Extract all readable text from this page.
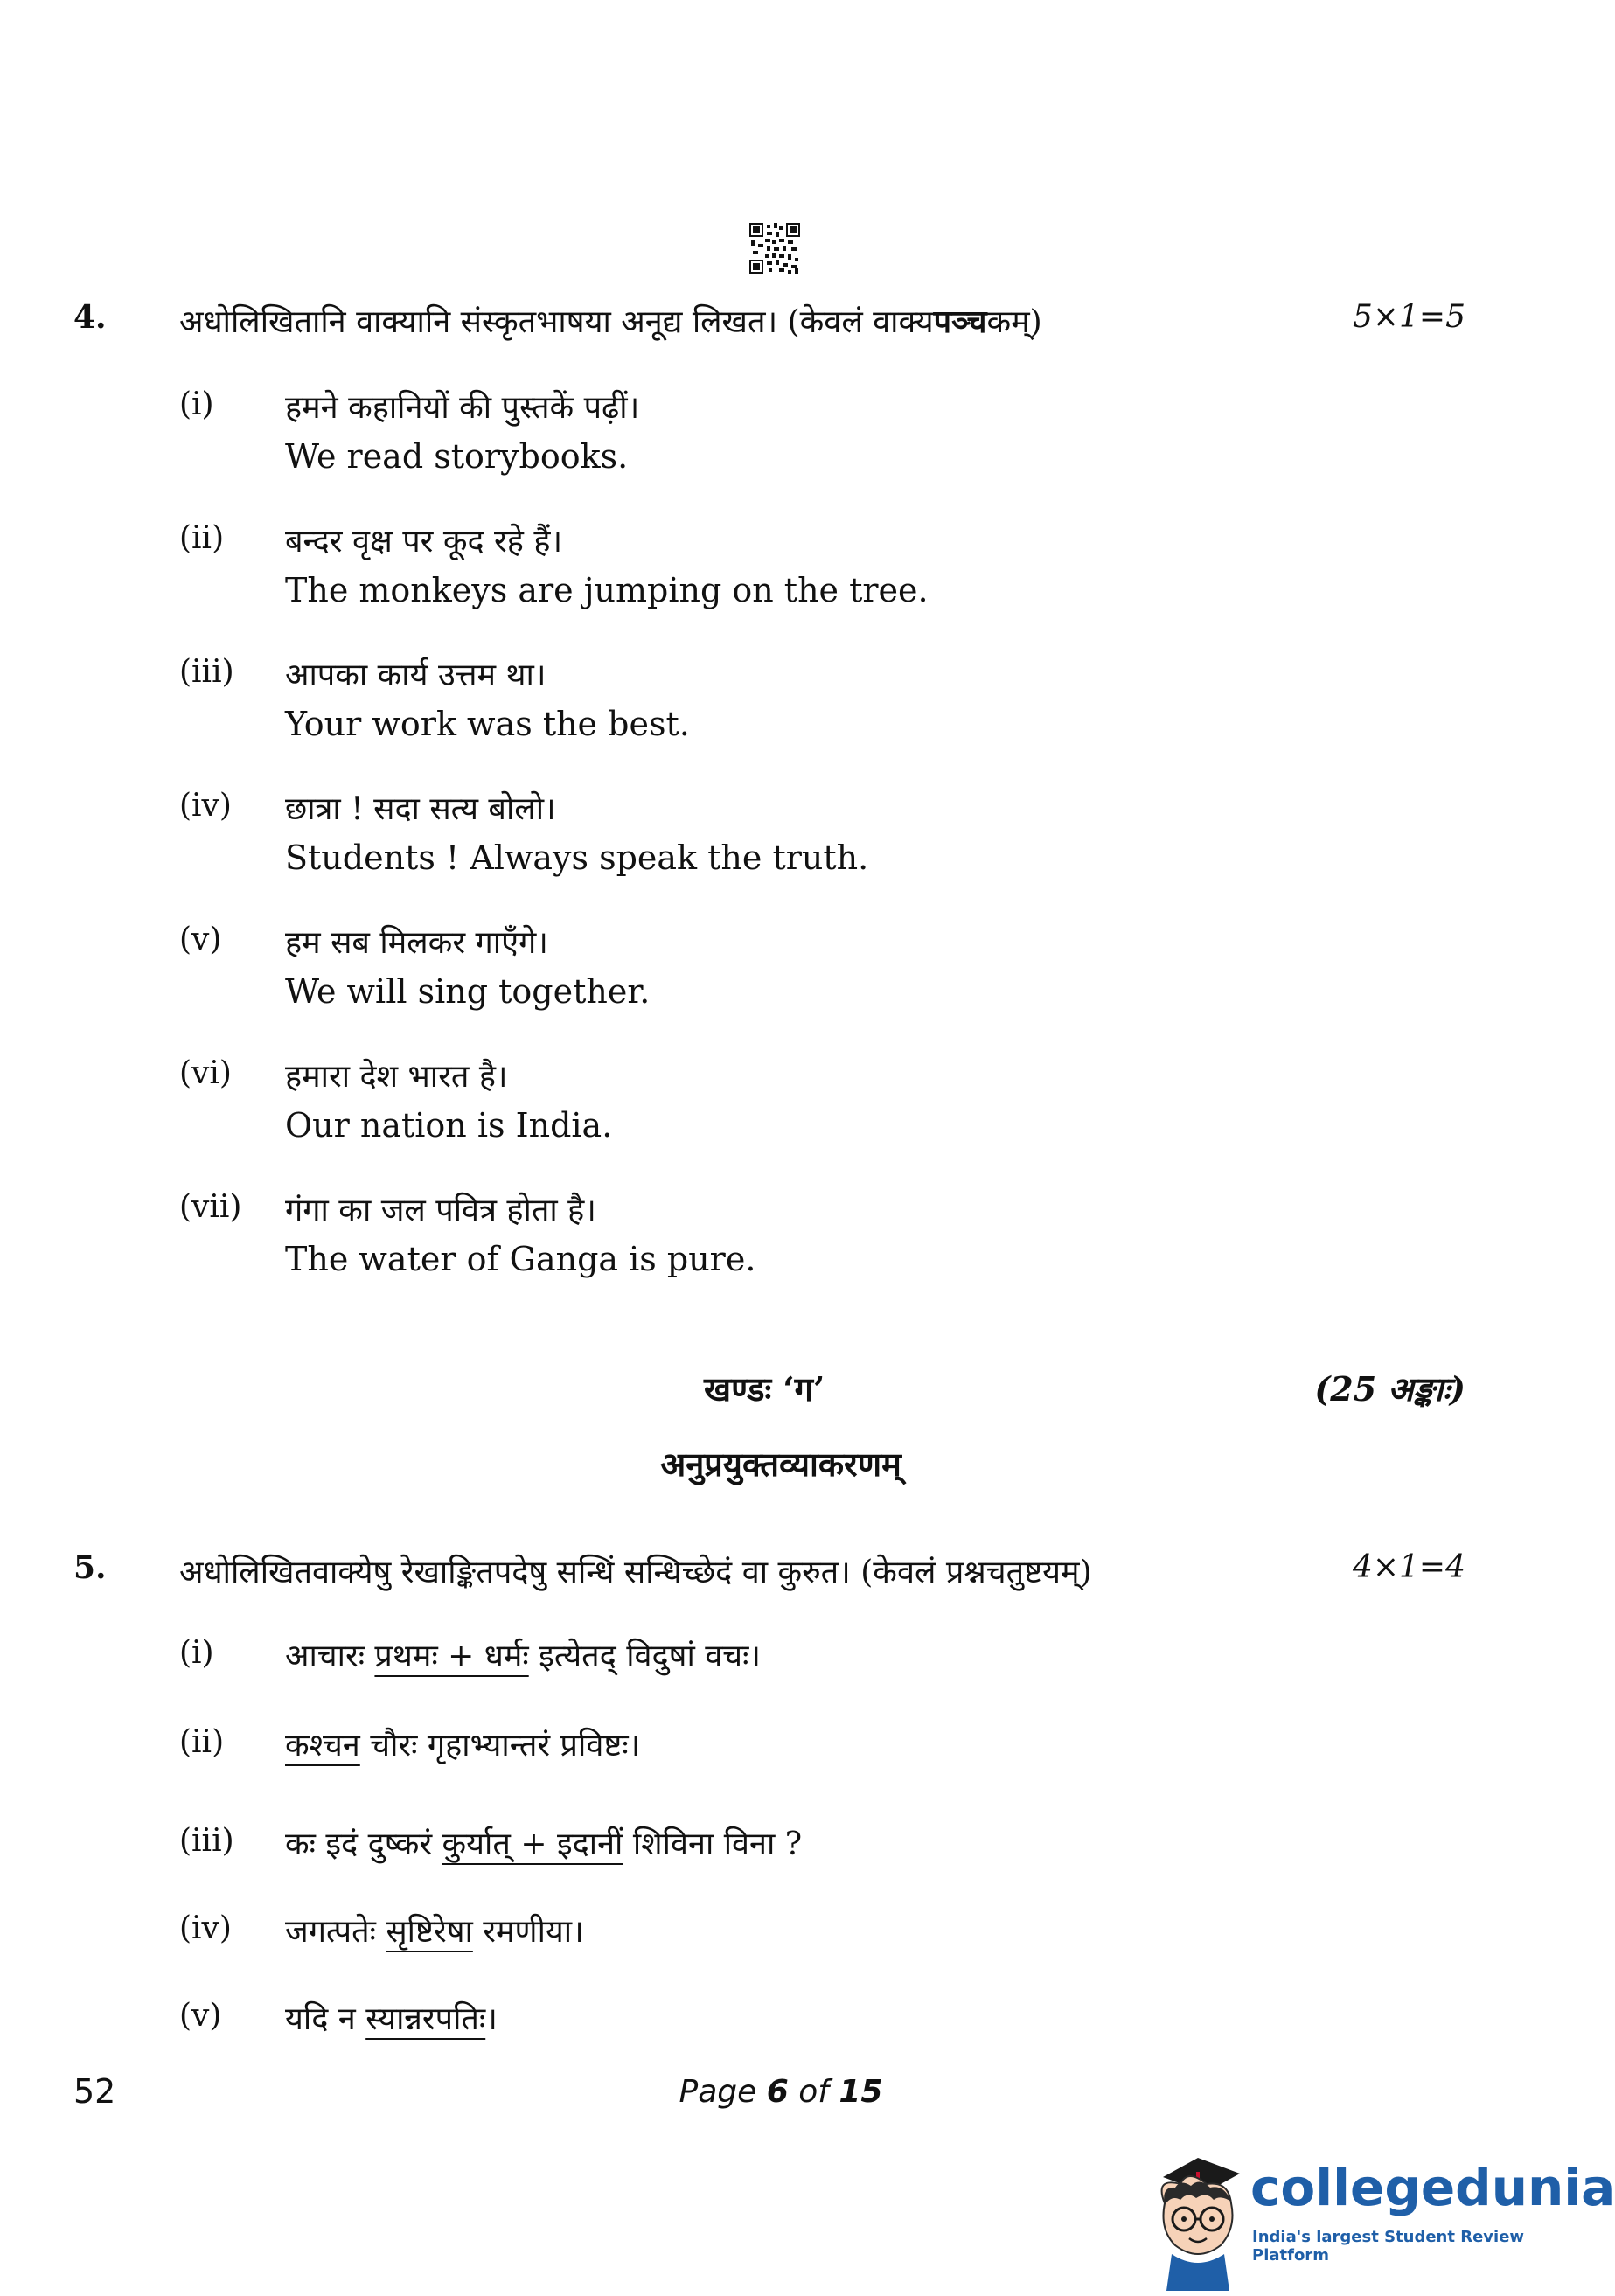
4. अधोलिखितानि वाक्यानि संस्कृतभाषया अनूद्य लिखत। (केवलं वाक्यपञ्चकम्)	5×1=5
(i) हमने कहानियों की पुस्तकें पढ़ीं।
We read storybooks.
(ii) बन्दर वृक्ष पर कूद रहे हैं।
The monkeys are jumping on the tree.
(iii) आपका कार्य उत्तम था।
Your work was the best.
(iv) छात्रा ! सदा सत्य बोलो।
Students ! Always speak the truth.
(v) हम सब मिलकर गाएँगे।
We will sing together.
(vi) हमारा देश भारत है।
Our nation is India.
(vii) गंगा का जल पवित्र होता है।
The water of Ganga is pure.
खण्डः ‘ग’	(25 अङ्काः)
अनुप्रयुक्तव्याकरणम्
5. अधोलिखितवाक्येषु रेखाङ्कितपदेषु सन्धिं सन्धिच्छेदं वा कुरुत। (केवलं प्रश्नचतुष्टयम्)	4×1=4
(i) आचारः प्रथमः + धर्मः इत्येतद् विदुषां वचः।
(ii) कश्चन चौरः गृहाभ्यान्तरं प्रविष्टः।
(iii) कः इदं दुष्करं कुर्यात् + इदानीं शिविना विना ?
(iv) जगत्पतेः सृष्टिरेषा रमणीया।
(v) यदि न स्यान्नरपतिः।
52	Page 6 of 15
collegedunia
India's largest Student Review Platform
